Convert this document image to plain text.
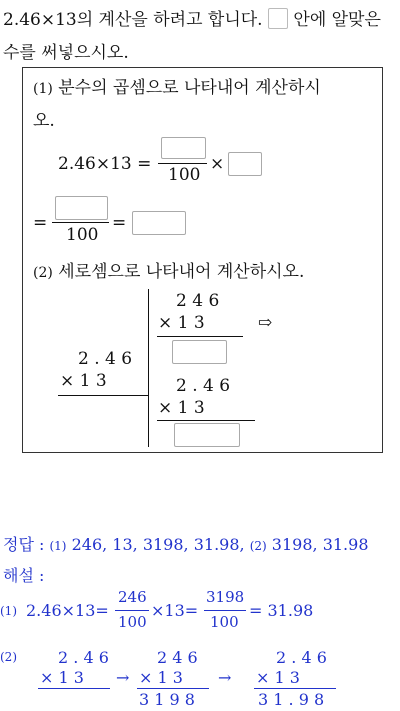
2.46×13의 계산을 하려고 합니다. 안에 알맞은
수를 써넣으시오.
(1) 분수의 곱셈으로 나타내어 계산하시
오.
2.46×13 =
100
×
=
100
=
(2) 세로셈으로 나타내어 계산하시오.
2 4 6
× 1 3	⇨
2 . 4 6
× 1 3	2 . 4 6
× 1 3
정답 : (1) 246, 13, 3198, 31.98, (2) 3198, 31.98
해설 :
(1) 2.46×13=
246
100
×13=
3198
100
= 31.98
(2)	2 . 4 6
× 1 3 →
2 4 6
× 1 3
3 1 9 8
→
2 . 4 6
× 1 3
3 1 . 9 8
